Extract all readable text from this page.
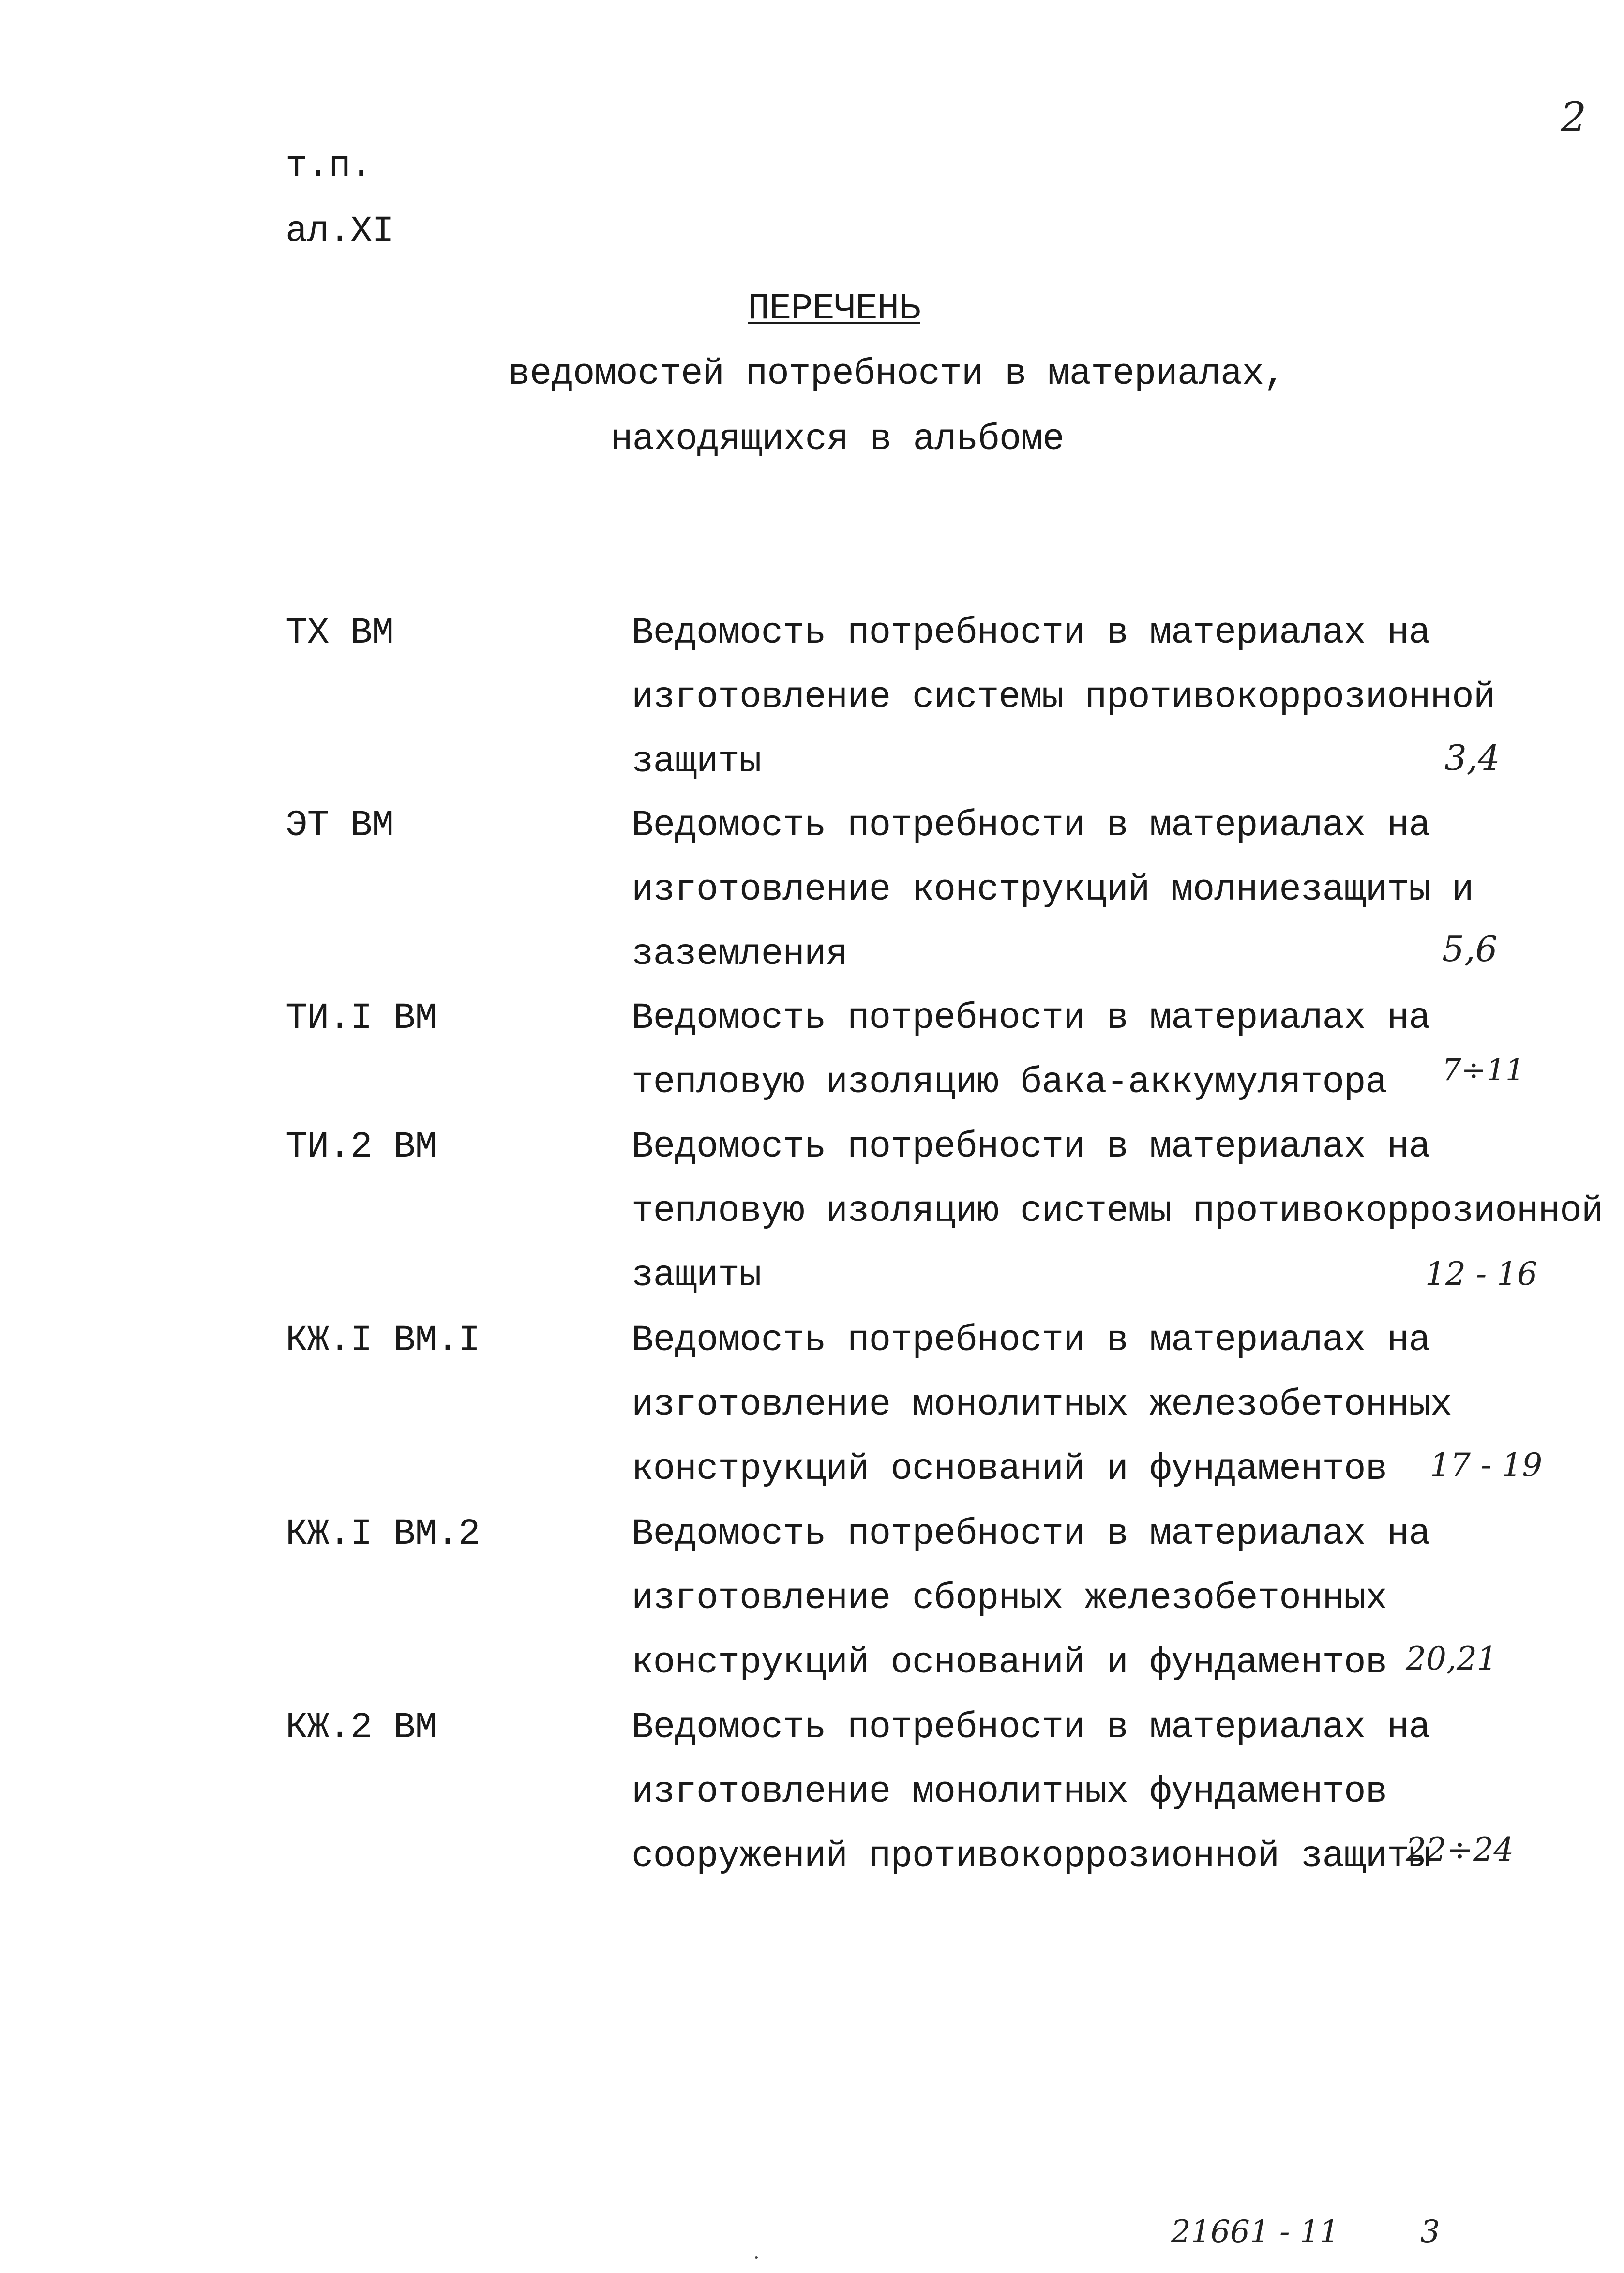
2
т.п.
ал.XI
ПЕРЕЧЕНЬ
ведомостей потребности в материалах,
находящихся в альбоме
ТХ ВМ	Ведомость потребности в материалах на
изготовление системы противокоррозионной
защиты	3,4
ЭТ ВМ	Ведомость потребности в материалах на
изготовление конструкций молниезащиты и
заземления	5,6
ТИ.I ВМ	Ведомость потребности в материалах на
тепловую изоляцию бака-аккумулятора 7÷11
ТИ.2 ВМ	Ведомость потребности в материалах на
тепловую изоляцию системы противокоррозионной
защиты	12 - 16
КЖ.I ВМ.I	Ведомость потребности в материалах на
изготовление монолитных железобетонных
конструкций оснований и фундаментов 17 - 19
КЖ.I ВМ.2	Ведомость потребности в материалах на
изготовление сборных железобетонных
конструкций оснований и фундаментов 20,21
КЖ.2 ВМ	Ведомость потребности в материалах на
изготовление монолитных фундаментов
сооружений противокоррозионной защиты
22÷24
21661 - 11	3
